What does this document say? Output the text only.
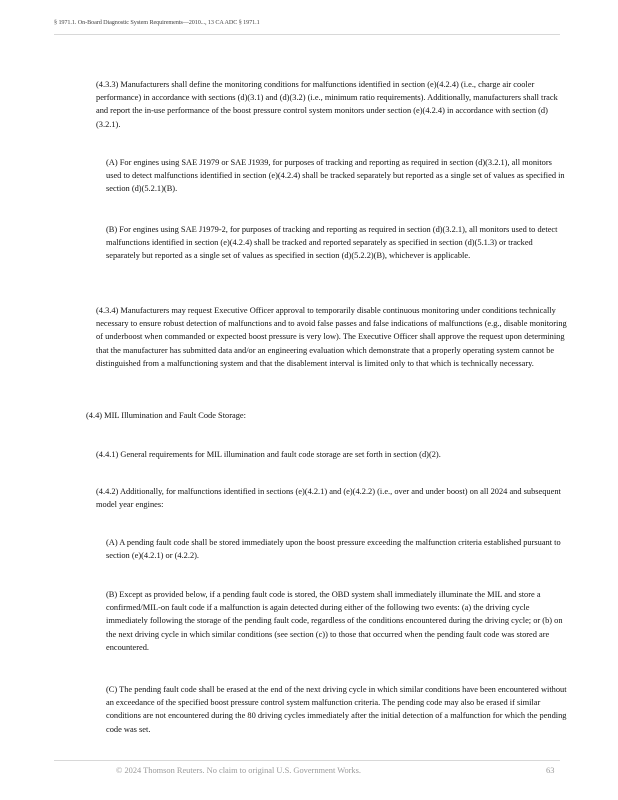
§ 1971.1. On-Board Diagnostic System Requirements—2010..., 13 CA ADC § 1971.1

(4.3.3) Manufacturers shall define the monitoring conditions for malfunctions identified in section (e)(4.2.4) (i.e., charge air cooler performance) in accordance with sections (d)(3.1) and (d)(3.2) (i.e., minimum ratio requirements). Additionally, manufacturers shall track and report the in-use performance of the boost pressure control system monitors under section (e)(4.2.4) in accordance with section (d)(3.2.1).

(A) For engines using SAE J1979 or SAE J1939, for purposes of tracking and reporting as required in section (d)(3.2.1), all monitors used to detect malfunctions identified in section (e)(4.2.4) shall be tracked separately but reported as a single set of values as specified in section (d)(5.2.1)(B).

(B) For engines using SAE J1979-2, for purposes of tracking and reporting as required in section (d)(3.2.1), all monitors used to detect malfunctions identified in section (e)(4.2.4) shall be tracked and reported separately as specified in section (d)(5.1.3) or tracked separately but reported as a single set of values as specified in section (d)(5.2.2)(B), whichever is applicable.

(4.3.4) Manufacturers may request Executive Officer approval to temporarily disable continuous monitoring under conditions technically necessary to ensure robust detection of malfunctions and to avoid false passes and false indications of malfunctions (e.g., disable monitoring of underboost when commanded or expected boost pressure is very low). The Executive Officer shall approve the request upon determining that the manufacturer has submitted data and/or an engineering evaluation which demonstrate that a properly operating system cannot be distinguished from a malfunctioning system and that the disablement interval is limited only to that which is technically necessary.

(4.4) MIL Illumination and Fault Code Storage:

(4.4.1) General requirements for MIL illumination and fault code storage are set forth in section (d)(2).

(4.4.2) Additionally, for malfunctions identified in sections (e)(4.2.1) and (e)(4.2.2) (i.e., over and under boost) on all 2024 and subsequent model year engines:

(A) A pending fault code shall be stored immediately upon the boost pressure exceeding the malfunction criteria established pursuant to section (e)(4.2.1) or (4.2.2).

(B) Except as provided below, if a pending fault code is stored, the OBD system shall immediately illuminate the MIL and store a confirmed/MIL-on fault code if a malfunction is again detected during either of the following two events: (a) the driving cycle immediately following the storage of the pending fault code, regardless of the conditions encountered during the driving cycle; or (b) on the next driving cycle in which similar conditions (see section (c)) to those that occurred when the pending fault code was stored are encountered.

(C) The pending fault code shall be erased at the end of the next driving cycle in which similar conditions have been encountered without an exceedance of the specified boost pressure control system malfunction criteria. The pending code may also be erased if similar conditions are not encountered during the 80 driving cycles immediately after the initial detection of a malfunction for which the pending code was set.

© 2024 Thomson Reuters. No claim to original U.S. Government Works.	63
